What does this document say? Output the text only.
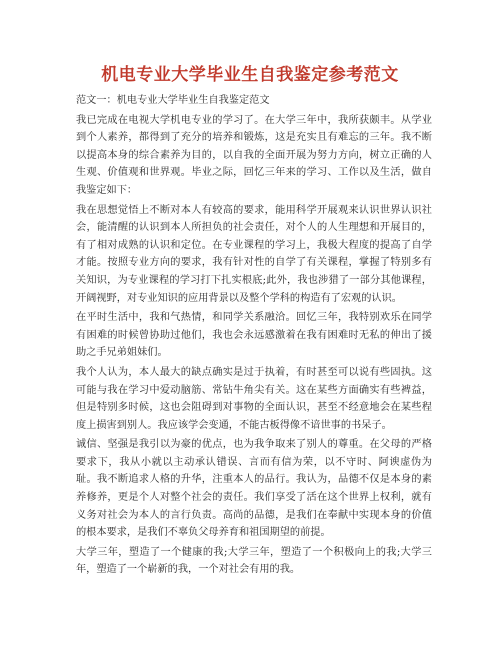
机电专业大学毕业生自我鉴定参考范文

范文一：机电专业大学毕业生自我鉴定范文

我已完成在电视大学机电专业的学习了。在大学三年中，我所获颇丰。从学业到个人素养，都得到了充分的培养和锻炼，这是充实且有难忘的三年。我不断以提高本身的综合素养为目的，以自我的全面开展为努力方向，树立正确的人生观、价值观和世界观。毕业之际，回忆三年来的学习、工作以及生活，做自我鉴定如下：

我在思想觉悟上不断对本人有较高的要求，能用科学开展观来认识世界认识社会，能清醒的认识到本人所担负的社会责任，对个人的人生理想和开展目的，有了相对成熟的认识和定位。在专业课程的学习上，我极大程度的提高了自学才能。按照专业方向的要求，我有针对性的自学了有关课程，掌握了特别多有关知识，为专业课程的学习打下扎实根底;此外，我也涉猎了一部分其他课程，开阔视野，对专业知识的应用背景以及整个学科的构造有了宏观的认识。

在平时生活中，我和气热情，和同学关系融洽。回忆三年，我特别欢乐在同学有困难的时候曾协助过他们，我也会永远感激着在我有困难时无私的伸出了援助之手兄弟姐妹们。

我个人认为，本人最大的缺点确实是过于执着，有时甚至可以说有些固执。这可能与我在学习中爱动脑筋、常钻牛角尖有关。这在某些方面确实有些裨益，但是特别多时候，这也会阻碍到对事物的全面认识，甚至不经意地会在某些程度上损害到别人。我应该学会变通，不能古板得像不谙世事的书呆子。

诚信、坚强是我引以为豪的优点，也为我争取来了别人的尊重。在父母的严格要求下，我从小就以主动承认错误、言而有信为荣，以不守时、阿谀虚伪为耻。我不断追求人格的升华，注重本人的品行。我认为，品德不仅是本身的素养修养，更是个人对整个社会的责任。我们享受了活在这个世界上权利，就有义务对社会为本人的言行负责。高尚的品德，是我们在奉献中实现本身的价值的根本要求，是我们不辜负父母养育和祖国期望的前提。

大学三年，塑造了一个健康的我;大学三年，塑造了一个积极向上的我;大学三年，塑造了一个崭新的我，一个对社会有用的我。
